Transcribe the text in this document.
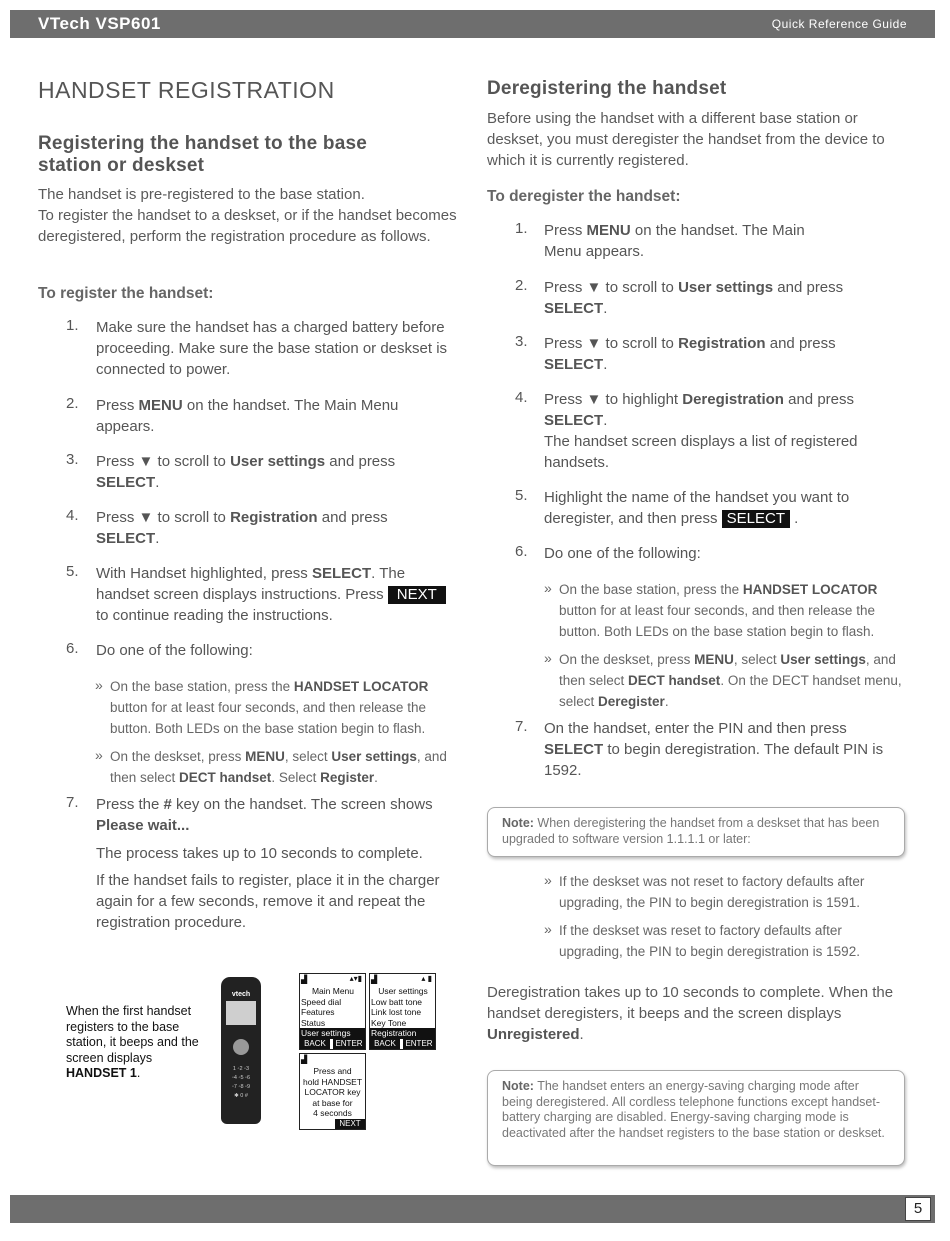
VTech VSP601	Quick Reference Guide
5
HANDSET REGISTRATION
Registering the handset to the base station or deskset

The handset is pre-registered to the base station.

To register the handset to a deskset, or if the handset becomes deregistered, perform the registration procedure as follows.

To register the handset:

1. Make sure the handset has a charged battery before proceeding. Make sure the base station or deskset is connected to power.
2. Press MENU on the handset. The Main Menu appears.
3. Press ▼ to scroll to User settings and press SELECT.
4. Press ▼ to scroll to Registration and press SELECT.
5. With Handset highlighted, press SELECT. The handset screen displays instructions. Press NEXT to continue reading the instructions.
6. Do one of the following:
» On the base station, press the HANDSET LOCATOR button for at least four seconds, and then release the button. Both LEDs on the base station begin to flash.
» On the deskset, press MENU, select User settings, and then select DECT handset. Select Register.
7. Press the # key on the handset. The screen shows Please wait...
The process takes up to 10 seconds to complete.
If the handset fails to register, place it in the charger again for a few seconds, remove it and repeat the registration procedure.
When the first handset registers to the base station, it beeps and the screen displays HANDSET 1.
vtech
1 ◦2 ◦3
◦4 ◦5 ◦6
◦7 ◦8 ◦9
✱ 0 #
▟	▴▾▮
Main Menu
Speed dial
Features
Status
User settings
BACK	ENTER
▟	▴ ▮
User settings
Low batt tone
Link lost tone
Key Tone
Registration
BACK	ENTER
▟
Press and
hold HANDSET
LOCATOR key
at base for
4 seconds
NEXT
Deregistering the handset

Before using the handset with a different base station or deskset, you must deregister the handset from the device to which it is currently registered.

To deregister the handset:

1. Press MENU on the handset. The Main Menu appears.
2. Press ▼ to scroll to User settings and press SELECT.
3. Press ▼ to scroll to Registration and press SELECT.
4. Press ▼ to highlight Deregistration and press SELECT.
The handset screen displays a list of registered handsets.
5. Highlight the name of the handset you want to deregister, and then press SELECT .
6. Do one of the following:
» On the base station, press the HANDSET LOCATOR button for at least four seconds, and then release the button. Both LEDs on the base station begin to flash.
» On the deskset, press MENU, select User settings, and then select DECT handset. On the DECT handset menu, select Deregister.
7. On the handset, enter the PIN and then press SELECT to begin deregistration. The default PIN is 1592.
Note: When deregistering the handset from a deskset that has been upgraded to software version 1.1.1.1 or later:
» If the deskset was not reset to factory defaults after upgrading, the PIN to begin deregistration is 1591.
» If the deskset was reset to factory defaults after upgrading, the PIN to begin deregistration is 1592.

Deregistration takes up to 10 seconds to complete. When the handset deregisters, it beeps and the screen displays Unregistered.

Note: The handset enters an energy-saving charging mode after being deregistered. All cordless telephone functions except handset-battery charging are disabled. Energy-saving charging mode is deactivated after the handset registers to the base station or deskset.
